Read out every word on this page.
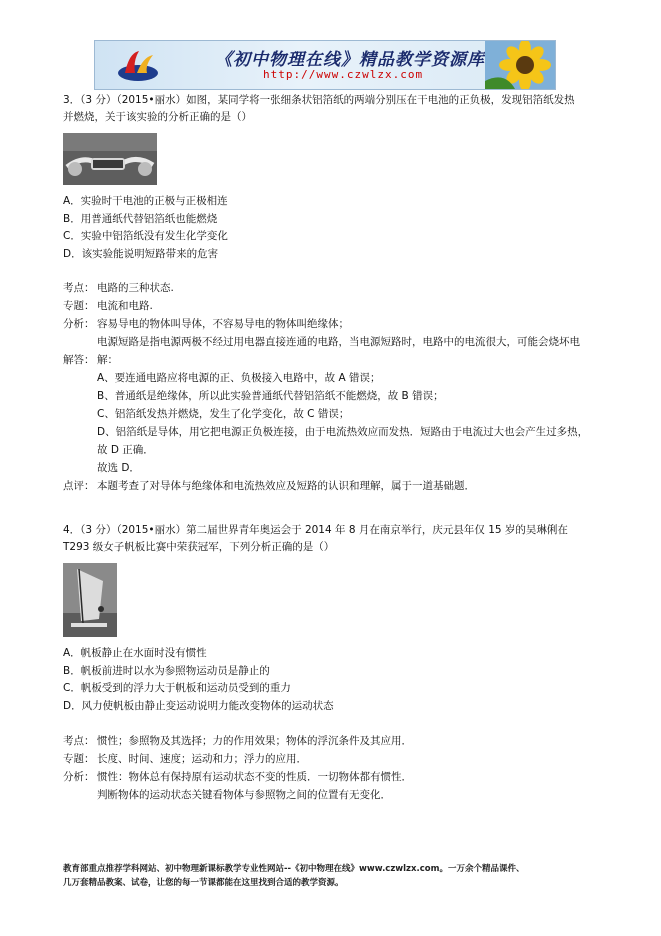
《初中物理在线》精品教学资源库
http://www.czwlzx.com
3．（3 分）（2015•丽水）如图，某同学将一张细条状铝箔纸的两端分别压在干电池的正负极，发现铝箔纸发热并燃烧，关于该实验的分析正确的是（）
A．实验时干电池的正极与正极相连
B．用普通纸代替铝箔纸也能燃烧
C．实验中铝箔纸没有发生化学变化
D．该实验能说明短路带来的危害
考点： 电路的三种状态.
专题： 电流和电路.
分析： 容易导电的物体叫导体，不容易导电的物体叫绝缘体；
电源短路是指电源两极不经过用电器直接连通的电路，当电源短路时，电路中的电流很大，可能会烧坏电
解答： 解：
A、要连通电路应将电源的正、负极接入电路中，故 A 错误；
B、普通纸是绝缘体，所以此实验普通纸代替铝箔纸不能燃烧，故 B 错误；
C、铝箔纸发热并燃烧，发生了化学变化，故 C 错误；
D、铝箔纸是导体，用它把电源正负极连接，由于电流热效应而发热．短路由于电流过大也会产生过多热，故 D 正确．
故选 D．
点评： 本题考查了对导体与绝缘体和电流热效应及短路的认识和理解，属于一道基础题．
4．（3 分）（2015•丽水）第二届世界青年奥运会于 2014 年 8 月在南京举行，庆元县年仅 15 岁的吴琳俐在 T293 级女子帆板比赛中荣获冠军，下列分析正确的是（）
A．帆板静止在水面时没有惯性
B．帆板前进时以水为参照物运动员是静止的
C．帆板受到的浮力大于帆板和运动员受到的重力
D．风力使帆板由静止变运动说明力能改变物体的运动状态
考点： 惯性；参照物及其选择；力的作用效果；物体的浮沉条件及其应用．
专题： 长度、时间、速度；运动和力；浮力的应用．
分析： 惯性：物体总有保持原有运动状态不变的性质．一切物体都有惯性．
判断物体的运动状态关键看物体与参照物之间的位置有无变化．
教育部重点推荐学科网站、初中物理新课标教学专业性网站--《初中物理在线》www.czwlzx.com。一万余个精品课件、
几万套精品教案、试卷，让您的每一节课都能在这里找到合适的教学资源。
